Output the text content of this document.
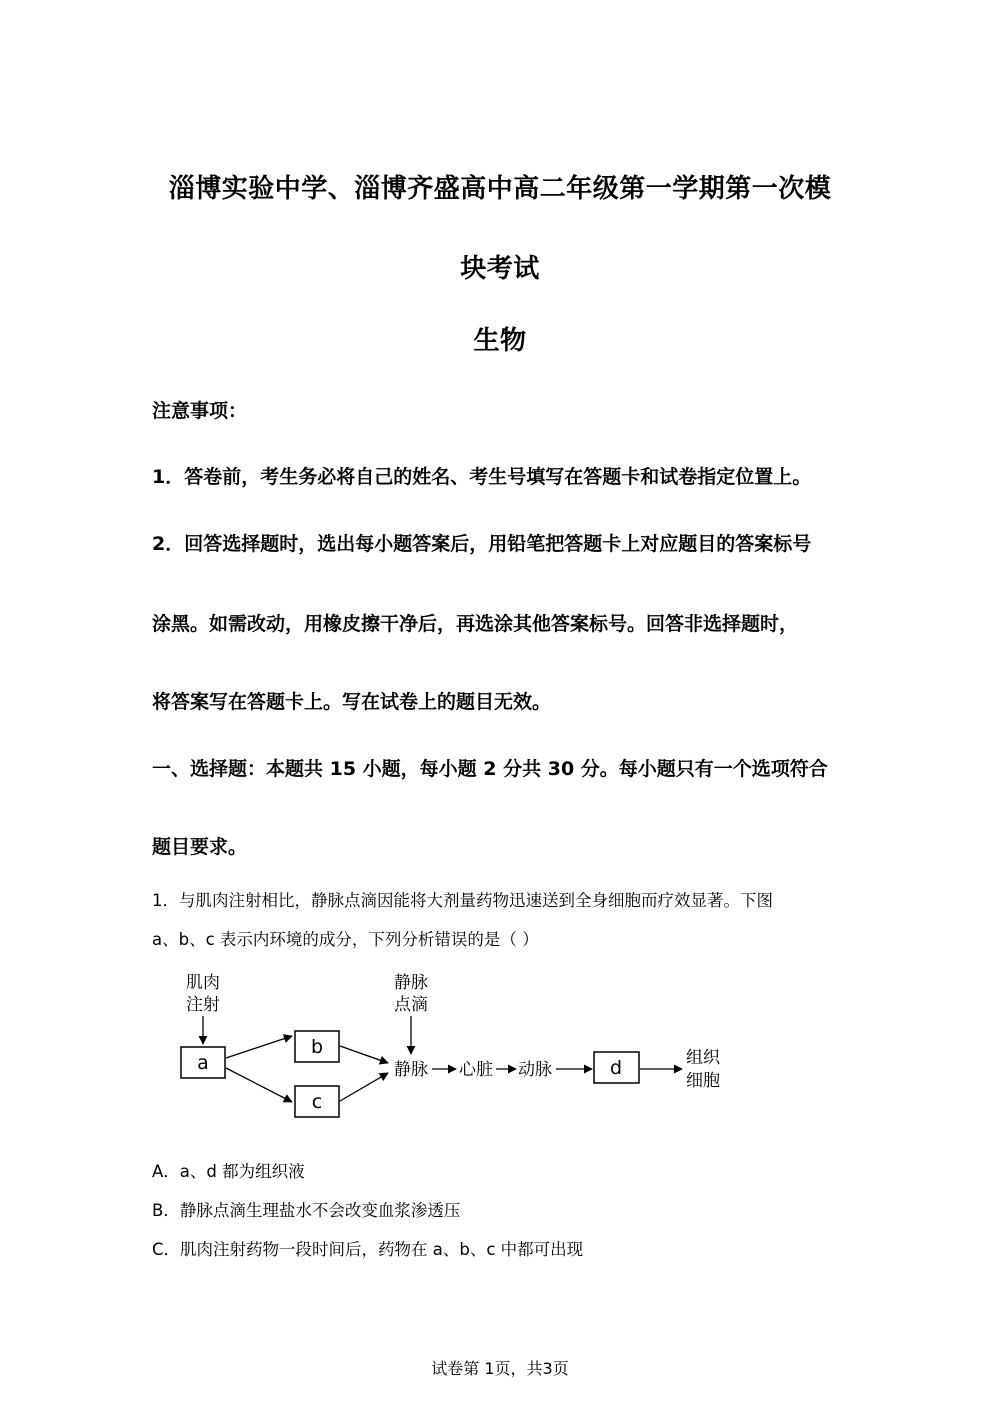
淄博实验中学、淄博齐盛高中高二年级第一学期第一次模
块考试
生物
注意事项：
1．答卷前，考生务必将自己的姓名、考生号填写在答题卡和试卷指定位置上。
2．回答选择题时，选出每小题答案后，用铅笔把答题卡上对应题目的答案标号
涂黑。如需改动，用橡皮擦干净后，再选涂其他答案标号。回答非选择题时，
将答案写在答题卡上。写在试卷上的题目无效。
一、选择题：本题共 15 小题，每小题 2 分共 30 分。每小题只有一个选项符合
题目要求。
1．与肌肉注射相比，静脉点滴因能将大剂量药物迅速送到全身细胞而疗效显著。下图
a、b、c 表示内环境的成分，下列分析错误的是（ ）
肌肉
注射
a
b
c
静脉
点滴
静脉 心脏 动脉	d	组织
细胞
A．a、d 都为组织液
B．静脉点滴生理盐水不会改变血浆渗透压
C．肌肉注射药物一段时间后，药物在 a、b、c 中都可出现
试卷第 1页，共3页
